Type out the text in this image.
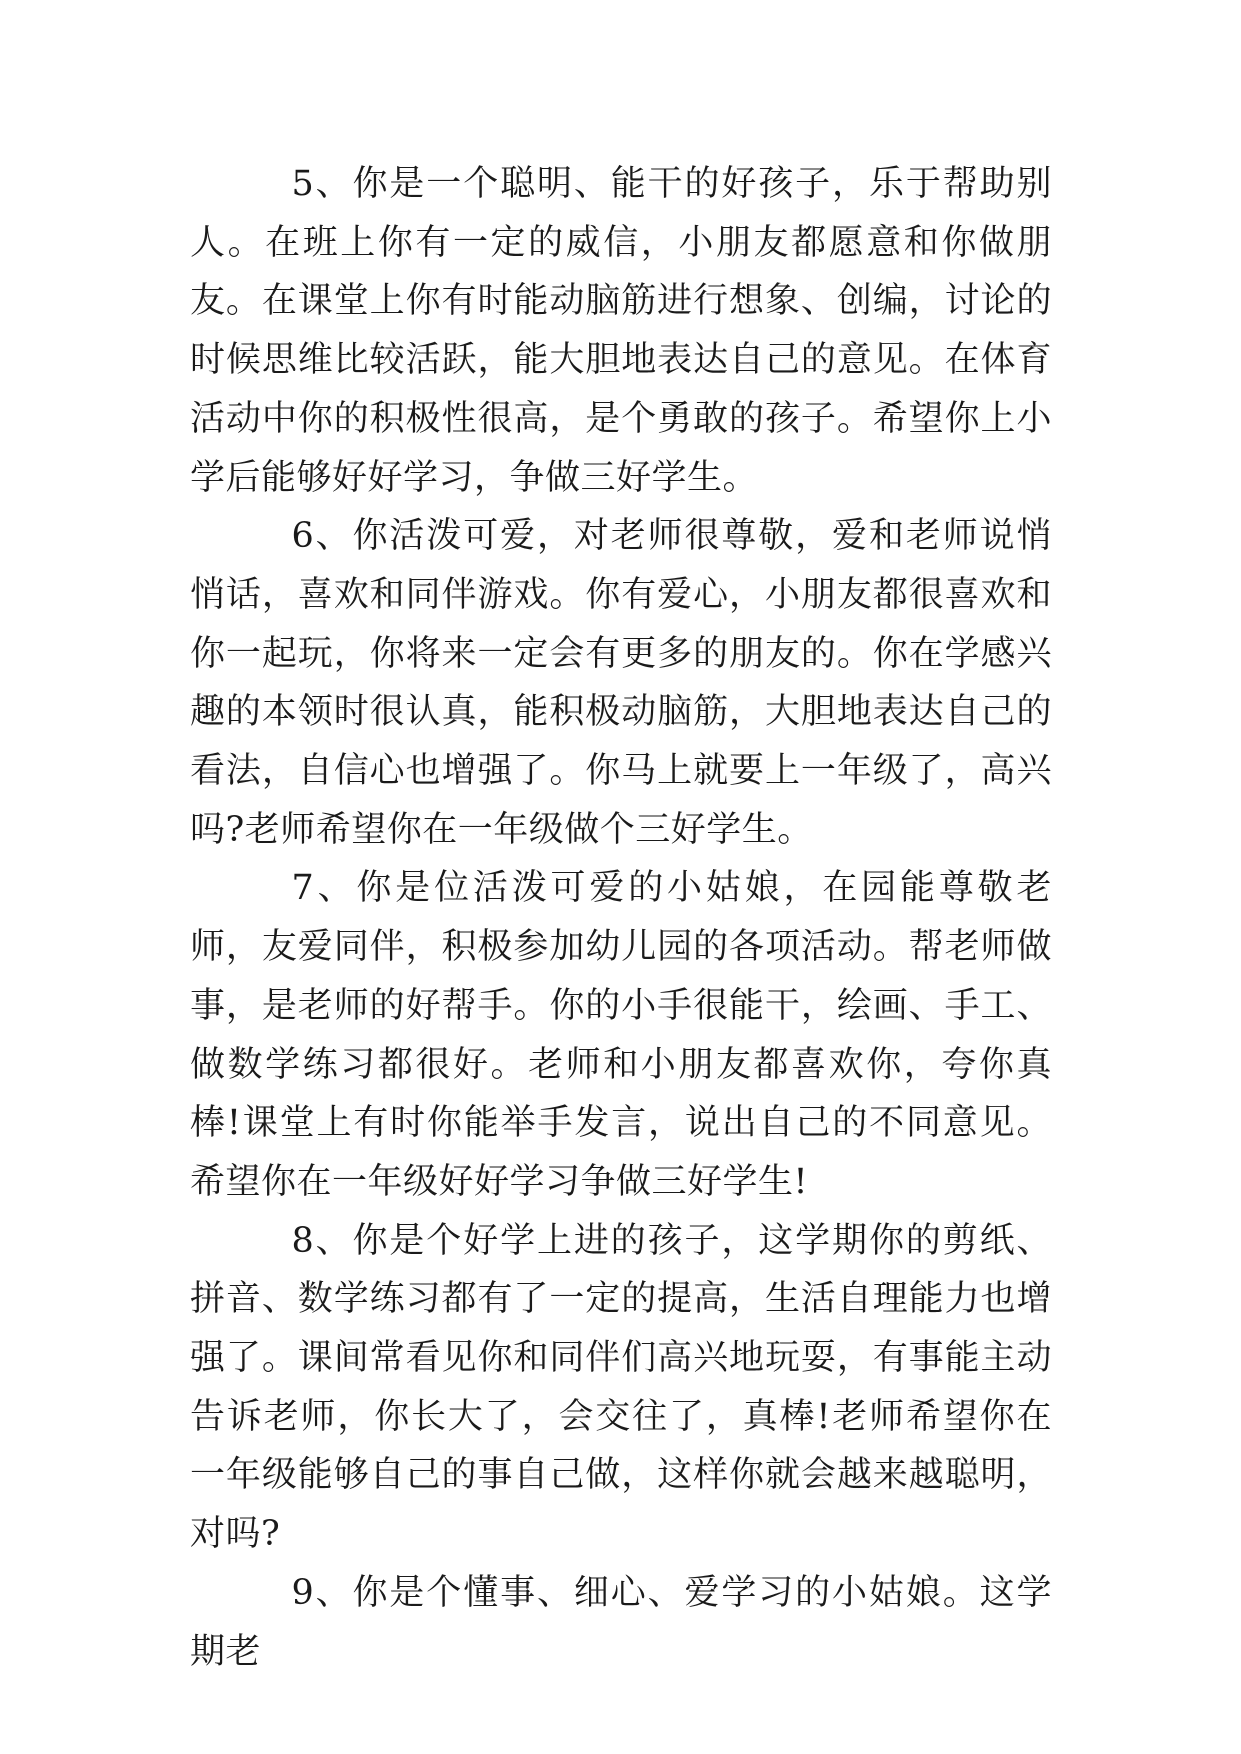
5、你是一个聪明、能干的好孩子，乐于帮助别人。在班上你有一定的威信，小朋友都愿意和你做朋友。在课堂上你有时能动脑筋进行想象、创编，讨论的时候思维比较活跃，能大胆地表达自己的意见。在体育活动中你的积极性很高，是个勇敢的孩子。希望你上小学后能够好好学习，争做三好学生。

6、你活泼可爱，对老师很尊敬，爱和老师说悄悄话，喜欢和同伴游戏。你有爱心，小朋友都很喜欢和你一起玩，你将来一定会有更多的朋友的。你在学感兴趣的本领时很认真，能积极动脑筋，大胆地表达自己的看法，自信心也增强了。你马上就要上一年级了，高兴吗?老师希望你在一年级做个三好学生。

7、你是位活泼可爱的小姑娘，在园能尊敬老师，友爱同伴，积极参加幼儿园的各项活动。帮老师做事，是老师的好帮手。你的小手很能干，绘画、手工、做数学练习都很好。老师和小朋友都喜欢你，夸你真棒!课堂上有时你能举手发言，说出自己的不同意见。希望你在一年级好好学习争做三好学生!

8、你是个好学上进的孩子，这学期你的剪纸、拼音、数学练习都有了一定的提高，生活自理能力也增强了。课间常看见你和同伴们高兴地玩耍，有事能主动告诉老师，你长大了，会交往了，真棒!老师希望你在一年级能够自己的事自己做，这样你就会越来越聪明，对吗?

9、你是个懂事、细心、爱学习的小姑娘。这学期老
